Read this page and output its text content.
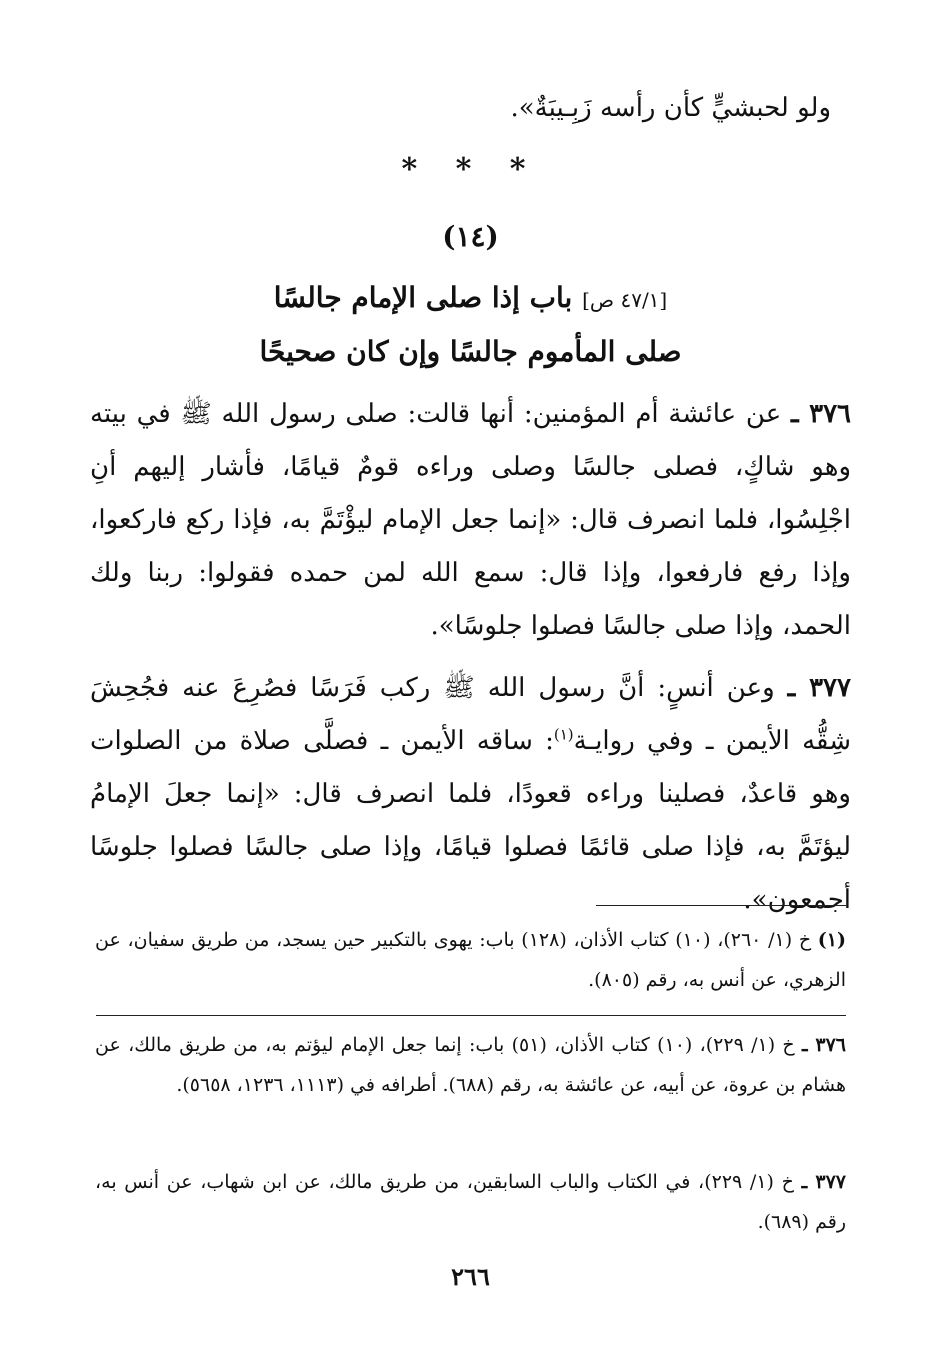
ولو لحبشيٍّ كأن رأسه زَبِـيبَةٌ».
* * *
(١٤)
[٤٧/١ ص] باب إذا صلى الإمام جالسًا
صلى المأموم جالسًا وإن كان صحيحًا
٣٧٦ ـ عن عائشة أم المؤمنين: أنها قالت: صلى رسول الله ﷺ في بيته وهو شاكٍ، فصلى جالسًا وصلى وراءه قومٌ قيامًا، فأشار إليهم أنِ اجْلِسُوا، فلما انصرف قال: «إنما جعل الإمام ليؤْتَمَّ به، فإذا ركع فاركعوا، وإذا رفع فارفعوا، وإذا قال: سمع الله لمن حمده فقولوا: ربنا ولك الحمد، وإذا صلى جالسًا فصلوا جلوسًا».
٣٧٧ ـ وعن أنسٍ: أنَّ رسول الله ﷺ ركب فَرَسًا فصُرِعَ عنه فجُحِشَ شِقُّه الأيمن ـ وفي روايـة$^{(١)}$: ساقه الأيمن ـ فصلَّى صلاة من الصلوات وهو قاعدٌ، فصلينا وراءه قعودًا، فلما انصرف قال: «إنما جعلَ الإمامُ ليؤتَمَّ به، فإذا صلى قائمًا فصلوا قيامًا، وإذا صلى جالسًا فصلوا جلوسًا أجمعون».
(١) خ (١/ ٢٦٠)، (١٠) كتاب الأذان، (١٢٨) باب: يهوى بالتكبير حين يسجد، من طريق سفيان، عن الزهري، عن أنس به، رقم (٨٠٥).
٣٧٦ ـ خ (١/ ٢٢٩)، (١٠) كتاب الأذان، (٥١) باب: إنما جعل الإمام ليؤتم به، من طريق مالك، عن هشام بن عروة، عن أبيه، عن عائشة به، رقم (٦٨٨). أطرافه في (١١١٣، ١٢٣٦، ٥٦٥٨).
٣٧٧ ـ خ (١/ ٢٢٩)، في الكتاب والباب السابقين، من طريق مالك، عن ابن شهاب، عن أنس به، رقم (٦٨٩).
٢٦٦
